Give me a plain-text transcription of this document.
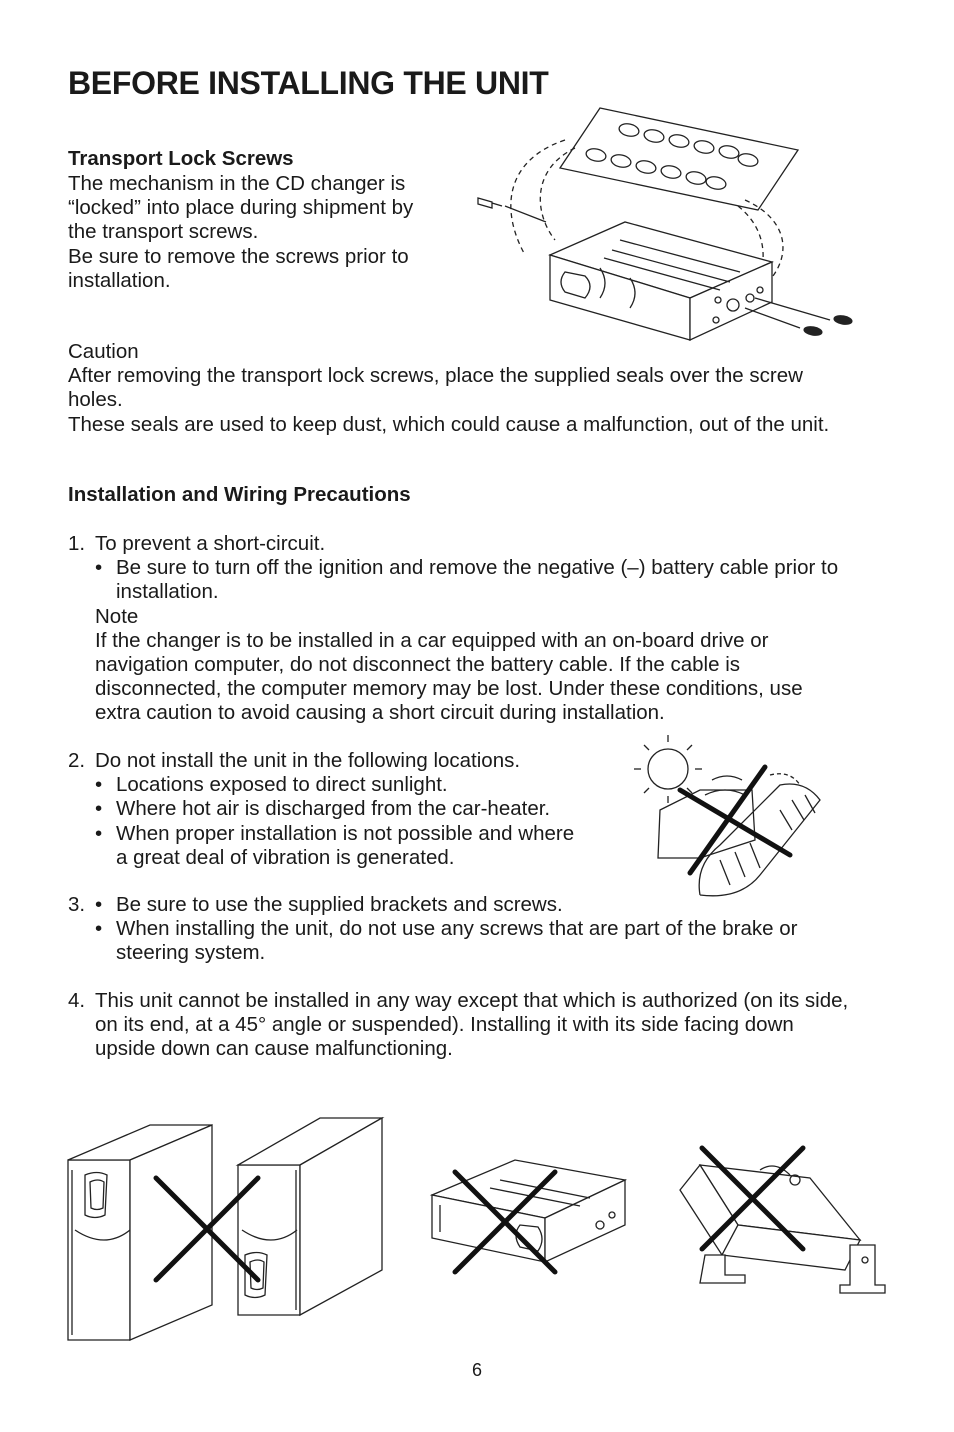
BEFORE INSTALLING THE UNIT
Transport Lock Screws
The mechanism in the CD changer is
“locked” into place during shipment by
the transport screws.
Be sure to remove the screws prior to
installation.
Caution
After removing the transport lock screws, place the supplied seals over the screw
holes.
These seals are used to keep dust, which could cause a malfunction, out of the unit.
Installation and Wiring Precautions
1. To prevent a short-circuit.
• Be sure to turn off the ignition and remove the negative (–) battery cable prior to
installation.
Note
If the changer is to be installed in a car equipped with an on-board drive or
navigation computer, do not disconnect the battery cable. If the cable is
disconnected, the computer memory may be lost. Under these conditions, use
extra caution to avoid causing a short circuit during installation.
2. Do not install the unit in the following locations.
• Locations exposed to direct sunlight.
• Where hot air is discharged from the car-heater.
• When proper installation is not possible and where
a great deal of vibration is generated.
3. • Be sure to use the supplied brackets and screws.
• When installing the unit, do not use any screws that are part of the brake or
steering system.
4. This unit cannot be installed in any way except that which is authorized (on its side,
on its end, at a 45° angle or suspended). Installing it with its side facing down
upside down can cause malfunctioning.
6
